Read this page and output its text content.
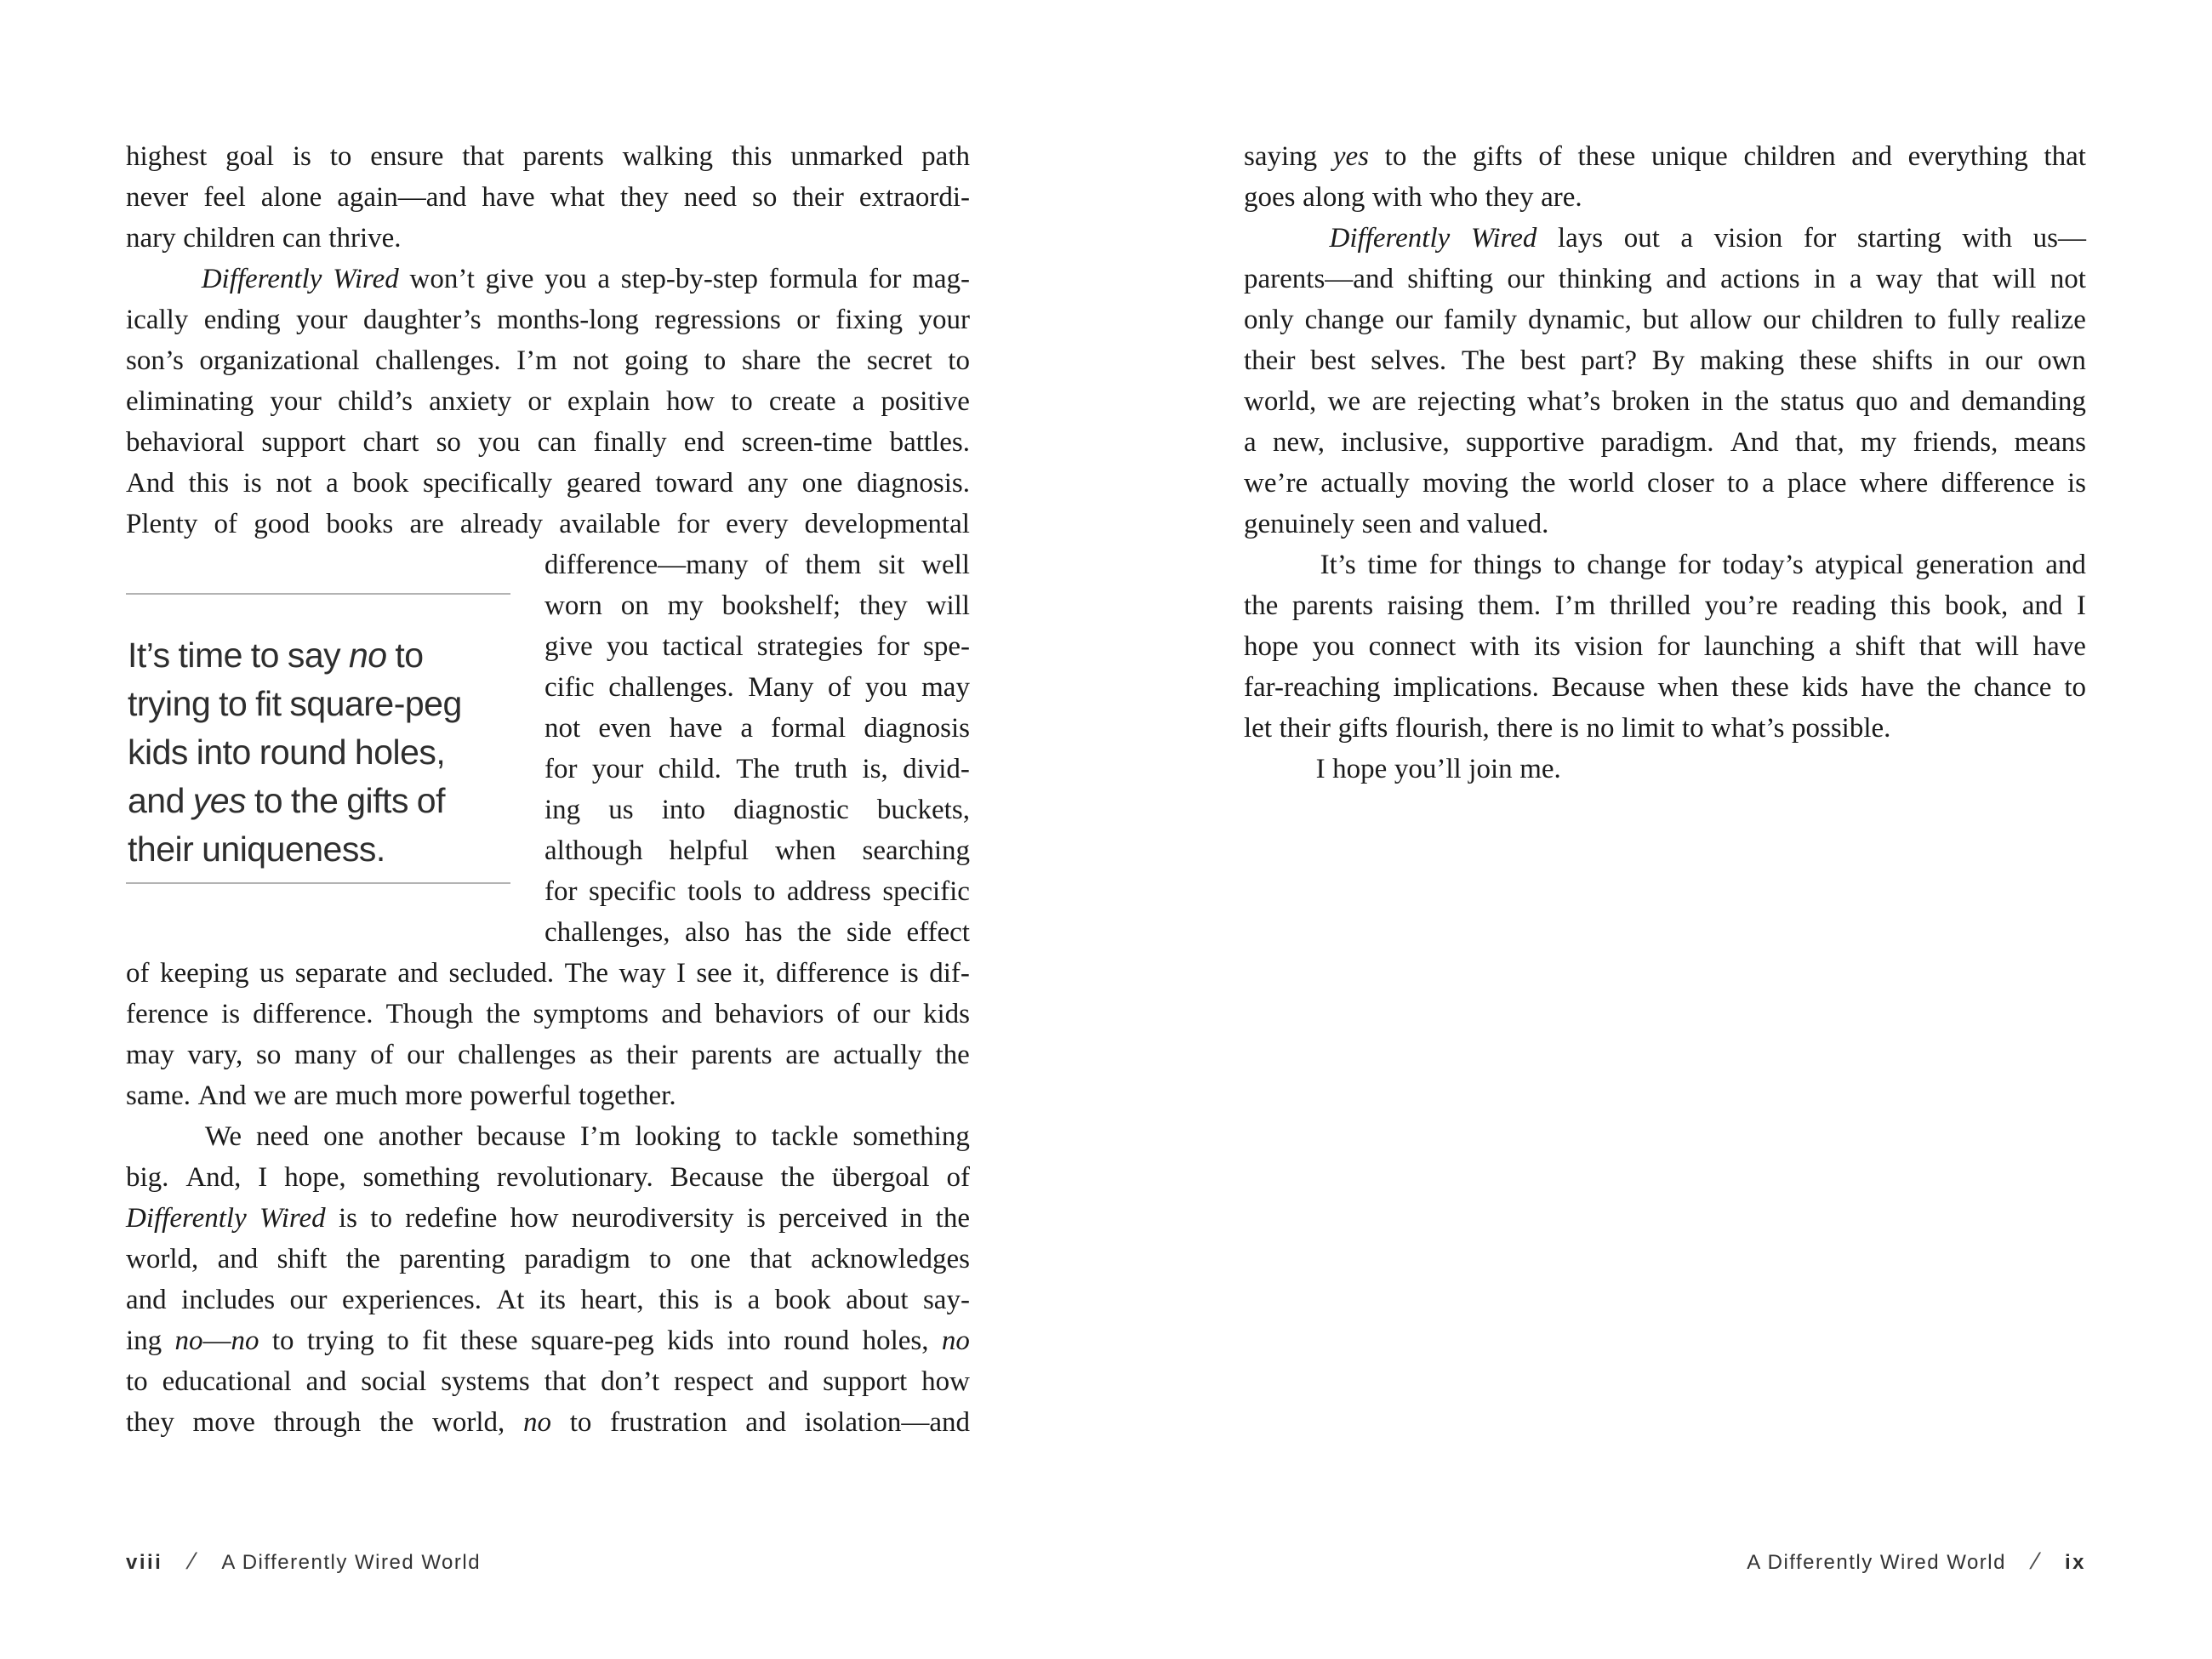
highest goal is to ensure that parents walking this unmarked path
never feel alone again—and have what they need so their extraordi-
nary children can thrive.
Differently Wired won’t give you a step-by-step formula for mag-
ically ending your daughter’s months-long regressions or fixing your
son’s organizational challenges. I’m not going to share the secret to
eliminating your child’s anxiety or explain how to create a positive
behavioral support chart so you can finally end screen-time battles.
And this is not a book specifically geared toward any one diagnosis.
Plenty of good books are already available for every developmental
It’s time to say no to
trying to fit square-peg
kids into round holes,
and yes to the gifts of
their uniqueness.
difference—many of them sit well
worn on my bookshelf; they will
give you tactical strategies for spe-
cific challenges. Many of you may
not even have a formal diagnosis
for your child. The truth is, divid-
ing us into diagnostic buckets,
although helpful when searching
for specific tools to address specific
challenges, also has the side effect
of keeping us separate and secluded. The way I see it, difference is dif-
ference is difference. Though the symptoms and behaviors of our kids
may vary, so many of our challenges as their parents are actually the
same. And we are much more powerful together.
We need one another because I’m looking to tackle something
big. And, I hope, something revolutionary. Because the übergoal of
Differently Wired is to redefine how neurodiversity is perceived in the
world, and shift the parenting paradigm to one that acknowledges
and includes our experiences. At its heart, this is a book about say-
ing no—no to trying to fit these square-peg kids into round holes, no
to educational and social systems that don’t respect and support how
they move through the world, no to frustration and isolation—and
viii / A Differently Wired World
saying yes to the gifts of these unique children and everything that
goes along with who they are.
Differently Wired lays out a vision for starting with us—
parents—and shifting our thinking and actions in a way that will not
only change our family dynamic, but allow our children to fully realize
their best selves. The best part? By making these shifts in our own
world, we are rejecting what’s broken in the status quo and demanding
a new, inclusive, supportive paradigm. And that, my friends, means
we’re actually moving the world closer to a place where difference is
genuinely seen and valued.
It’s time for things to change for today’s atypical generation and
the parents raising them. I’m thrilled you’re reading this book, and I
hope you connect with its vision for launching a shift that will have
far-reaching implications. Because when these kids have the chance to
let their gifts flourish, there is no limit to what’s possible.
I hope you’ll join me.
A Differently Wired World / ix
